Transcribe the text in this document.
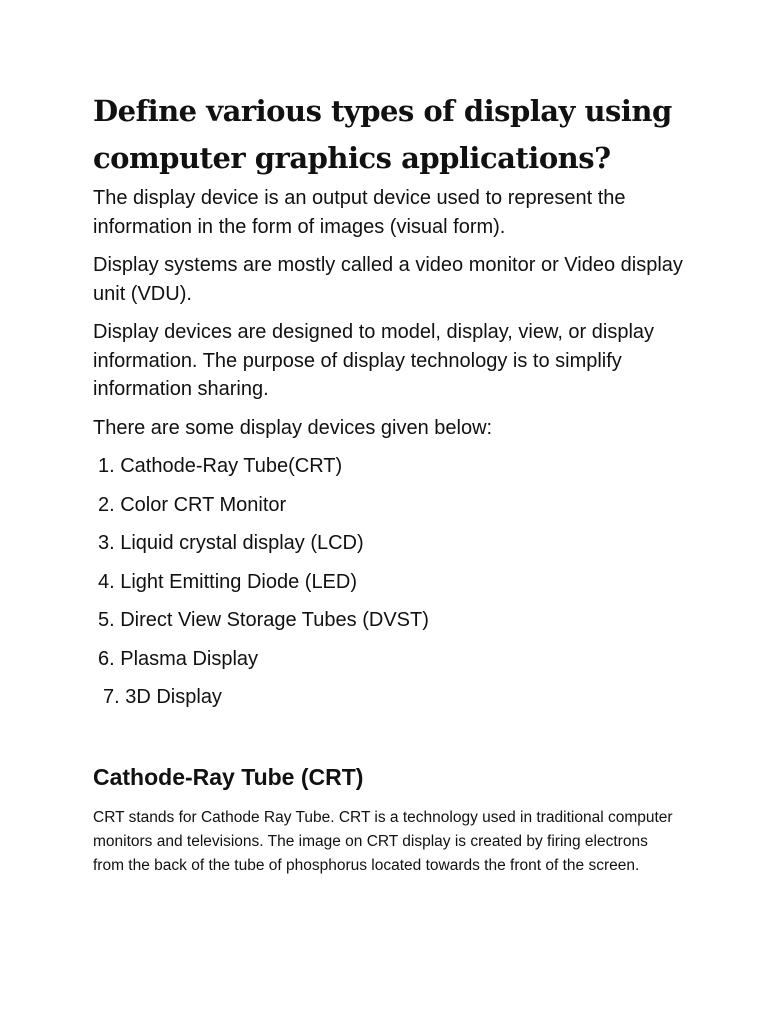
Define various types of display using computer graphics applications?

The display device is an output device used to represent the information in the form of images (visual form).

Display systems are mostly called a video monitor or Video display unit (VDU).

Display devices are designed to model, display, view, or display information. The purpose of display technology is to simplify information sharing.

There are some display devices given below:

1. Cathode-Ray Tube(CRT)
2. Color CRT Monitor
3. Liquid crystal display (LCD)
4. Light Emitting Diode (LED)
5. Direct View Storage Tubes (DVST)
6. Plasma Display
7. 3D Display
Cathode-Ray Tube (CRT)

CRT stands for Cathode Ray Tube. CRT is a technology used in traditional computer monitors and televisions. The image on CRT display is created by firing electrons from the back of the tube of phosphorus located towards the front of the screen.
